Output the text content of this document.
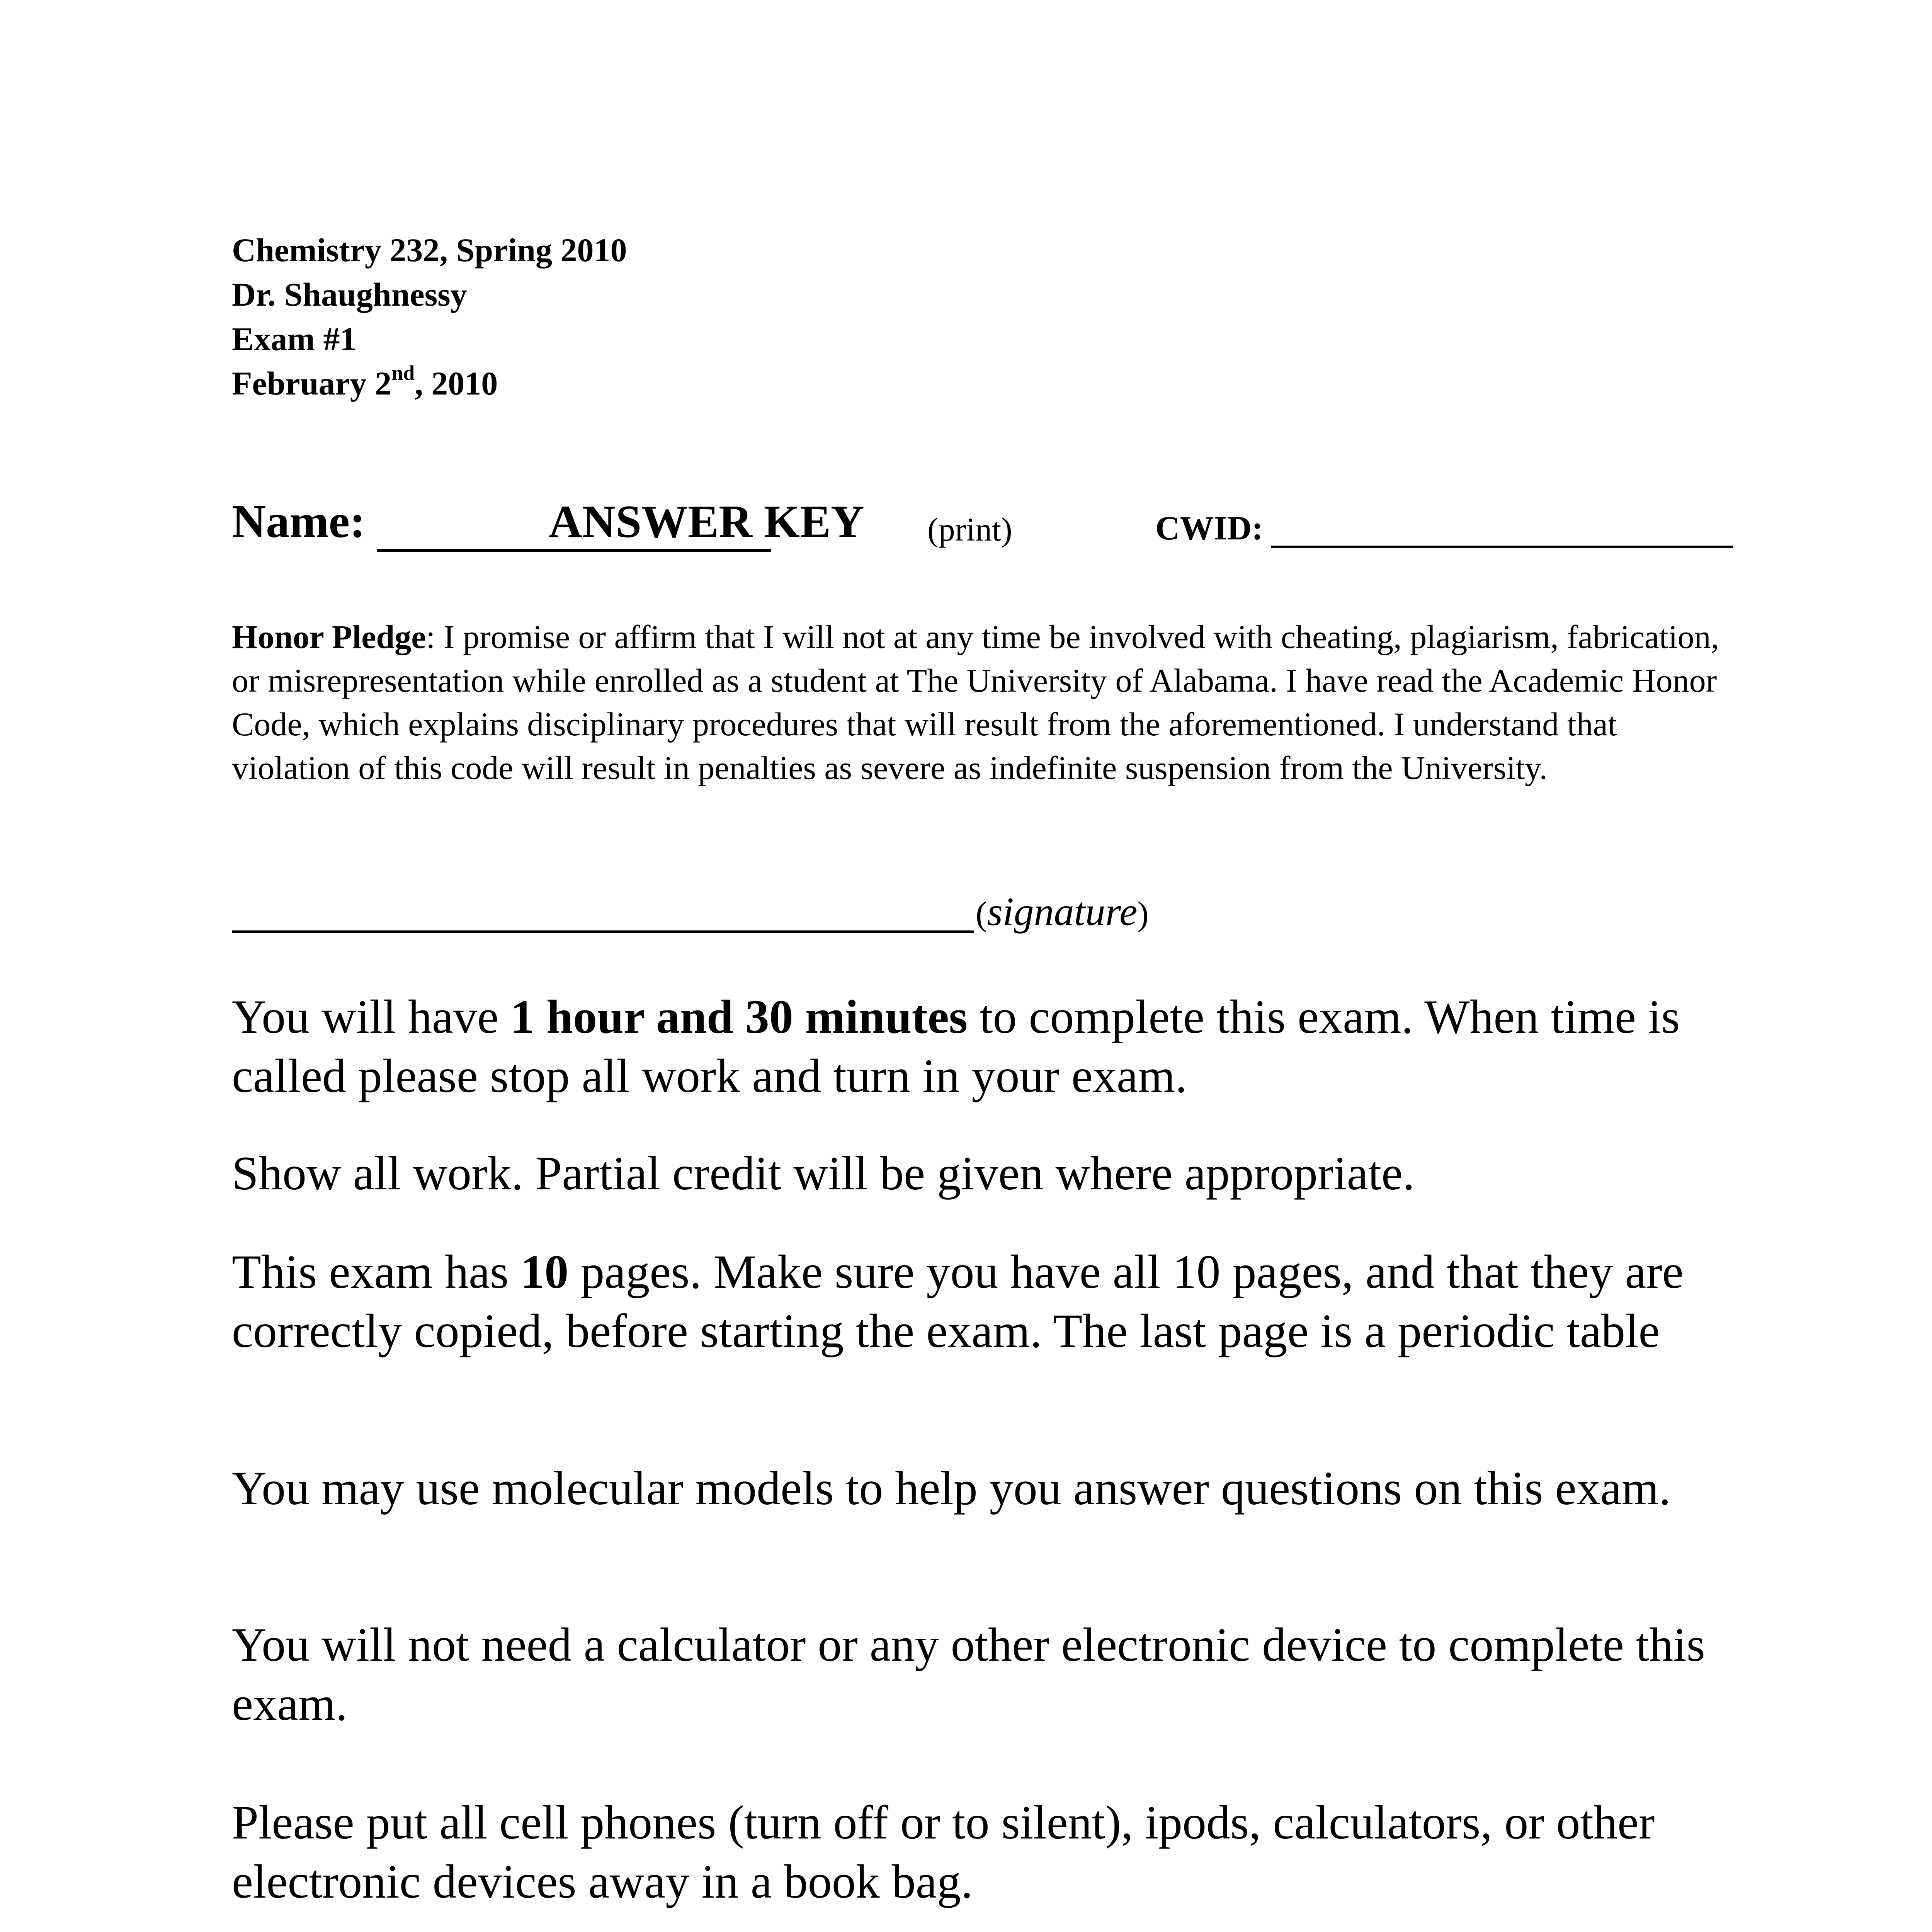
Chemistry 232, Spring 2010
Dr. Shaughnessy
Exam #1
February 2nd, 2010
Name:	ANSWER KEY (print)	CWID:
Honor Pledge: I promise or affirm that I will not at any time be involved with cheating, plagiarism, fabrication, or misrepresentation while enrolled as a student at The University of Alabama. I have read the Academic Honor Code, which explains disciplinary procedures that will result from the aforementioned. I understand that violation of this code will result in penalties as severe as indefinite suspension from the University.
(signature)
You will have 1 hour and 30 minutes to complete this exam. When time is called please stop all work and turn in your exam.
Show all work. Partial credit will be given where appropriate.
This exam has 10 pages. Make sure you have all 10 pages, and that they are correctly copied, before starting the exam. The last page is a periodic table
You may use molecular models to help you answer questions on this exam.
You will not need a calculator or any other electronic device to complete this exam.
Please put all cell phones (turn off or to silent), ipods, calculators, or other electronic devices away in a book bag.
